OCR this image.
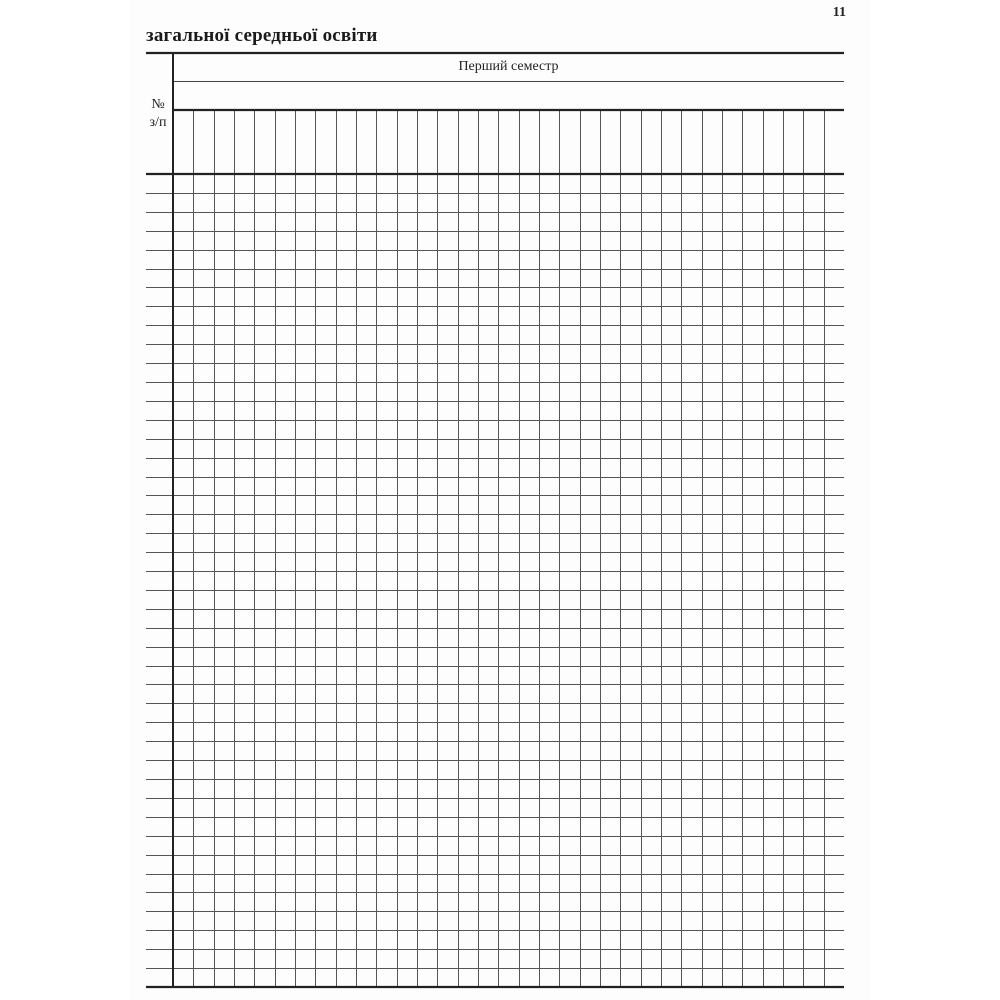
11
загальної середньої освіти
№
з/п
Перший семестр
